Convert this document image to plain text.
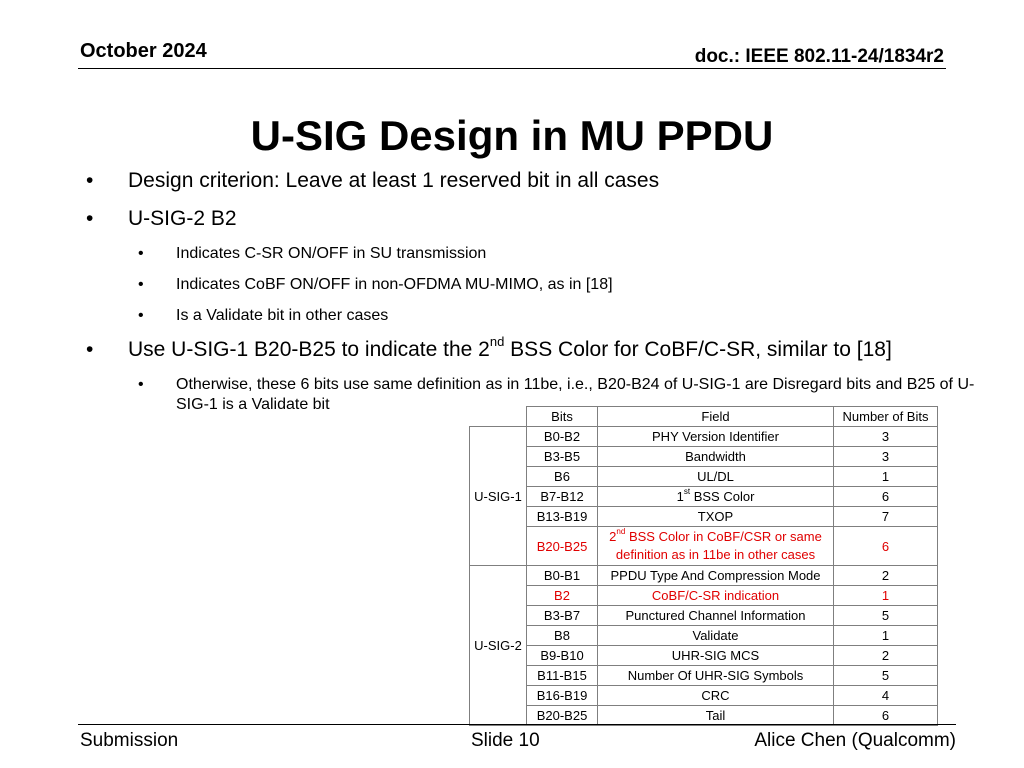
October 2024	doc.: IEEE 802.11-24/1834r2
U-SIG Design in MU PPDU
• Design criterion: Leave at least 1 reserved bit in all cases
• U-SIG-2 B2
• Indicates C-SR ON/OFF in SU transmission
• Indicates CoBF ON/OFF in non-OFDMA MU-MIMO, as in [18]
• Is a Validate bit in other cases
• Use U-SIG-1 B20-B25 to indicate the 2nd BSS Color for CoBF/C-SR, similar to [18]
• Otherwise, these 6 bits use same definition as in 11be, i.e., B20-B24 of U-SIG-1 are Disregard bits and B25 of U-SIG-1 is a Validate bit
	Bits	Field	Number of Bits
U-SIG-1	B0-B2	PHY Version Identifier	3
	B3-B5	Bandwidth	3
	B6	UL/DL	1
	B7-B12	1st BSS Color	6
	B13-B19	TXOP	7
	B20-B25	2nd BSS Color in CoBF/CSR or same
definition as in 11be in other cases	6
U-SIG-2	B0-B1	PPDU Type And Compression Mode	2
	B2	CoBF/C-SR indication	1
	B3-B7	Punctured Channel Information	5
	B8	Validate	1
	B9-B10	UHR-SIG MCS	2
	B11-B15	Number Of UHR-SIG Symbols	5
	B16-B19	CRC	4
	B20-B25	Tail	6
Submission	Slide 10	Alice Chen (Qualcomm)
